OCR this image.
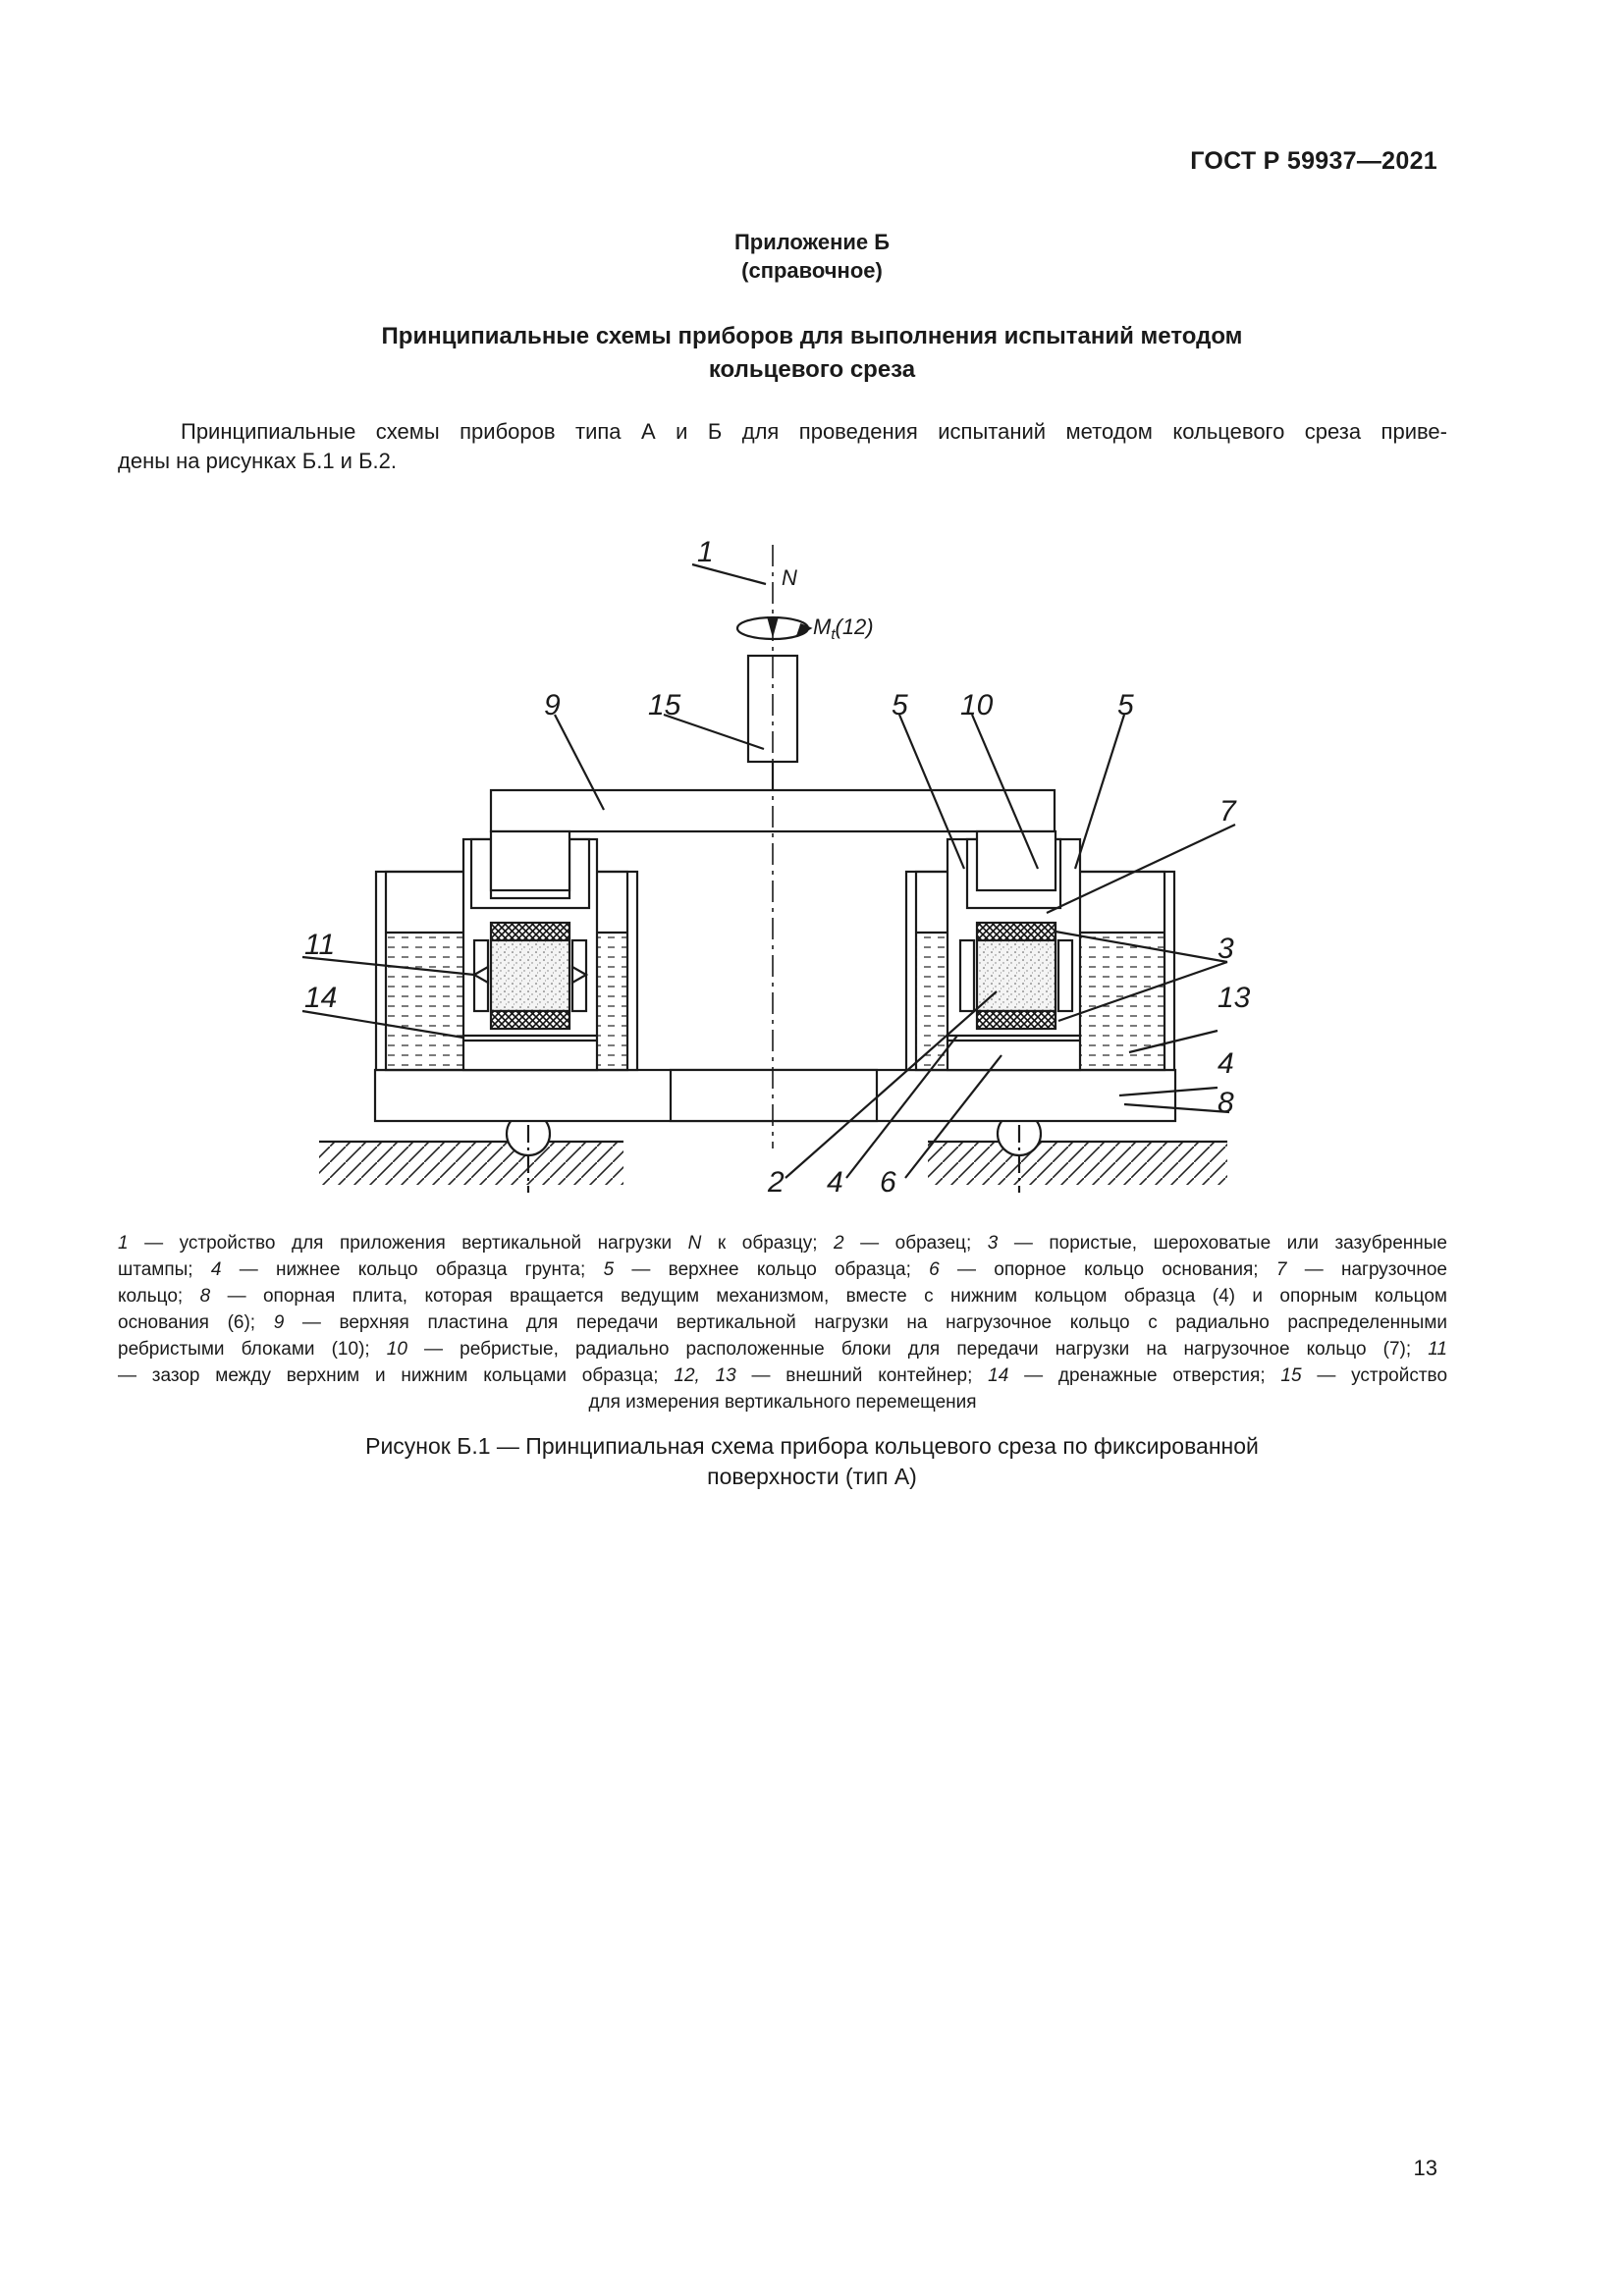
ГОСТ Р 59937—2021
Приложение Б
(справочное)
Принципиальные схемы приборов для выполнения испытаний методом
кольцевого среза
Принципиальные схемы приборов типа А и Б для проведения испытаний методом кольцевого среза приве-
дены на рисунках Б.1 и Б.2.
1
N
$M_t(12)$
9	15	5 10	5
7
11
14
3
13
4
8
2 4 6
1 — устройство для приложения вертикальной нагрузки N к образцу; 2 — образец; 3 — пористые, шероховатые или зазубренные
штампы; 4 — нижнее кольцо образца грунта; 5 — верхнее кольцо образца; 6 — опорное кольцо основания; 7 — нагрузочное
кольцо; 8 — опорная плита, которая вращается ведущим механизмом, вместе с нижним кольцом образца (4) и опорным кольцом
основания (6); 9 — верхняя пластина для передачи вертикальной нагрузки на нагрузочное кольцо с радиально распределенными
ребристыми блоками (10); 10 — ребристые, радиально расположенные блоки для передачи нагрузки на нагрузочное кольцо (7); 11
— зазор между верхним и нижним кольцами образца; 12, 13 — внешний контейнер; 14 — дренажные отверстия; 15 — устройство
для измерения вертикального перемещения
Рисунок Б.1 — Принципиальная схема прибора кольцевого среза по фиксированной
поверхности (тип А)
13
